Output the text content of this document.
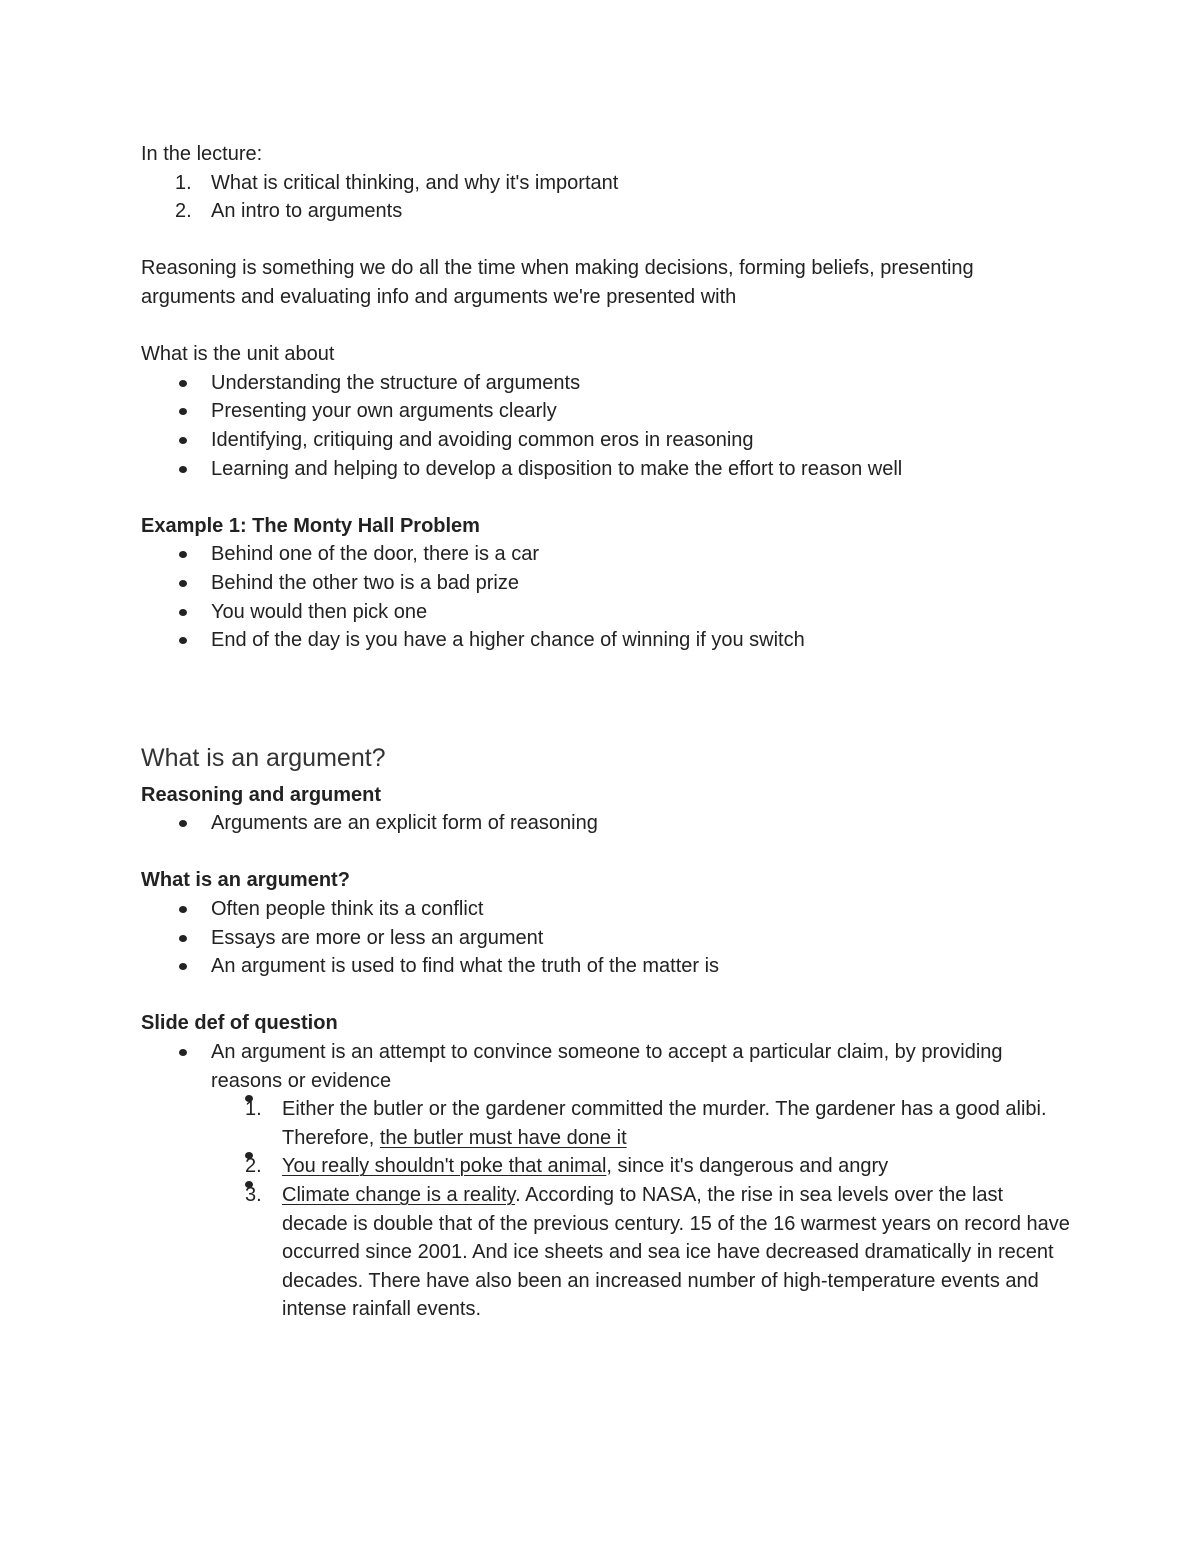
In the lecture:

1. What is critical thinking, and why it's important
2. An intro to arguments

Reasoning is something we do all the time when making decisions, forming beliefs, presenting arguments and evaluating info and arguments we're presented with

What is the unit about

Understanding the structure of arguments
Presenting your own arguments clearly
Identifying, critiquing and avoiding common eros in reasoning
Learning and helping to develop a disposition to make the effort to reason well

Example 1: The Monty Hall Problem

Behind one of the door, there is a car
Behind the other two is a bad prize
You would then pick one
End of the day is you have a higher chance of winning if you switch
What is an argument?

Reasoning and argument

Arguments are an explicit form of reasoning

What is an argument?

Often people think its a conflict
Essays are more or less an argument
An argument is used to find what the truth of the matter is

Slide def of question

An argument is an attempt to convince someone to accept a particular claim, by providing reasons or evidence
1. Either the butler or the gardener committed the murder. The gardener has a good alibi. Therefore, the butler must have done it
2. You really shouldn't poke that animal, since it's dangerous and angry
3. Climate change is a reality. According to NASA, the rise in sea levels over the last decade is double that of the previous century. 15 of the 16 warmest years on record have occurred since 2001. And ice sheets and sea ice have decreased dramatically in recent decades. There have also been an increased number of high-temperature events and intense rainfall events.
